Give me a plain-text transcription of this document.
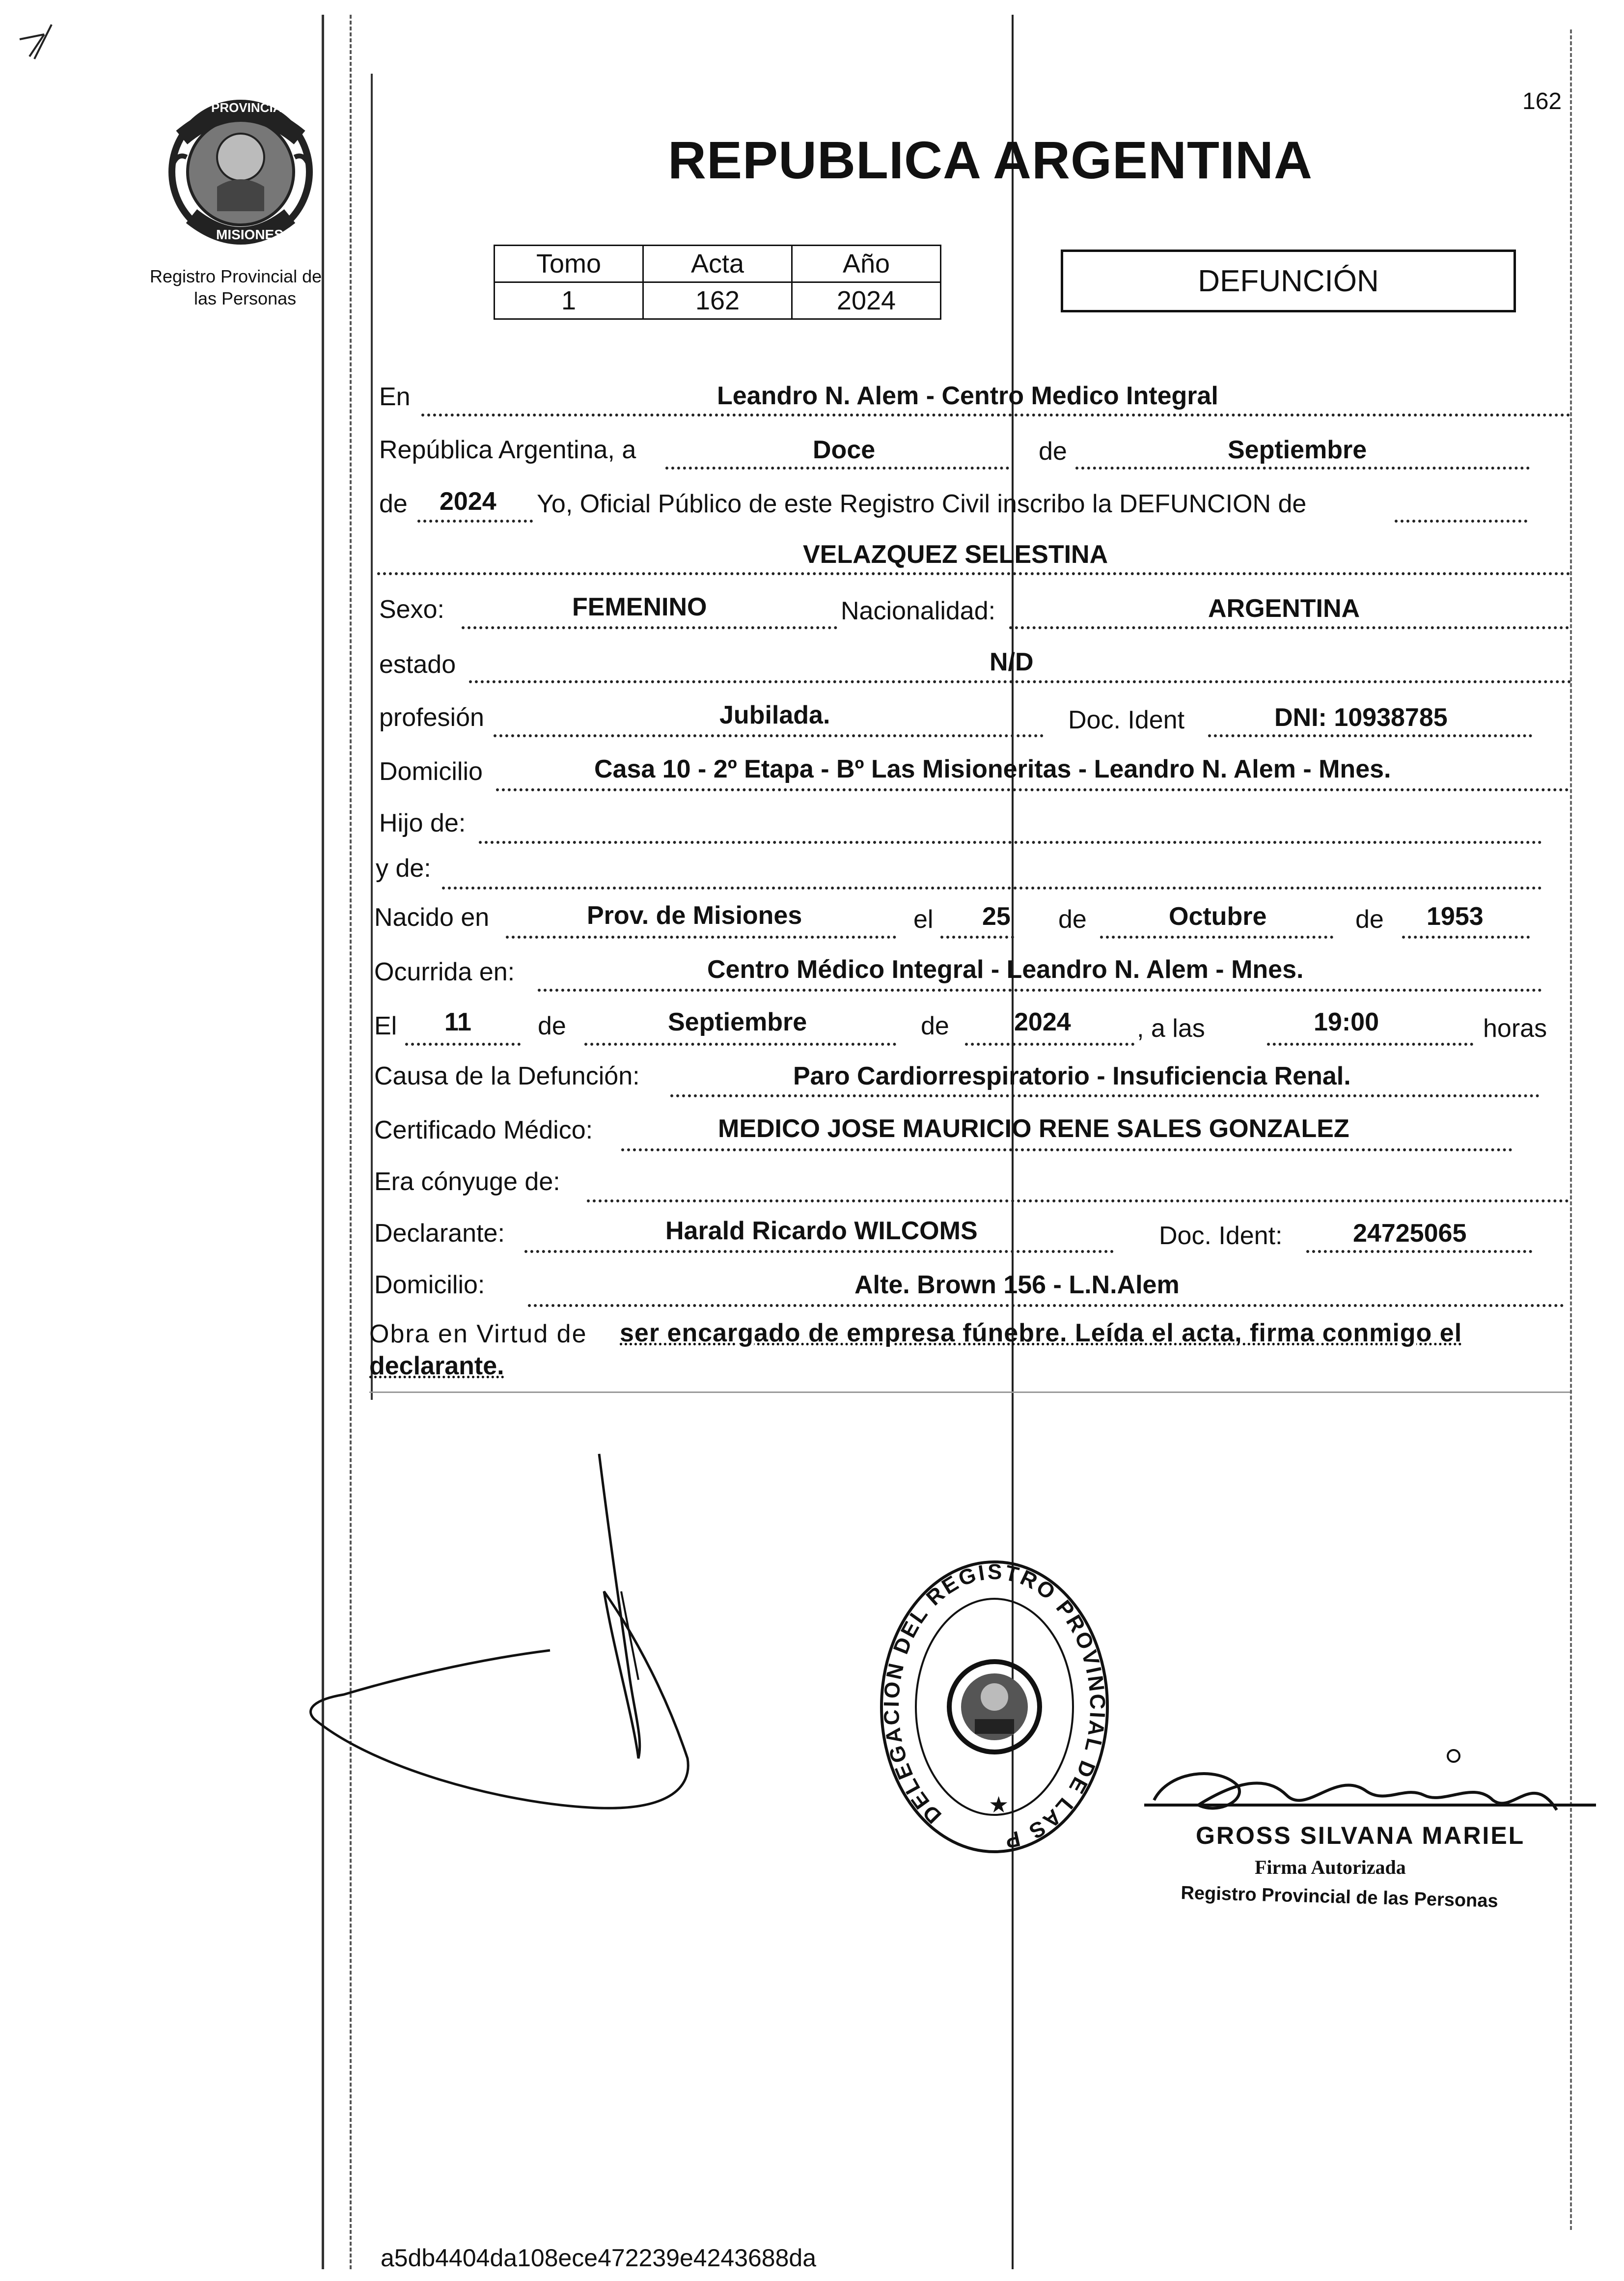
PROVINCIA DE
MISIONES
Registro Provincial de
las Personas
162
REPUBLICA ARGENTINA
Tomo	Acta	Año
1	162	2024
DEFUNCIÓN
En	Leandro N. Alem - Centro Medico Integral
República Argentina, a	Doce	de	Septiembre
de 2024 Yo, Oficial Público de este Registro Civil inscribo la DEFUNCION de
VELAZQUEZ SELESTINA
Sexo:	FEMENINO	Nacionalidad:	ARGENTINA
estado	N/D
profesión	Jubilada.	Doc. Ident	DNI: 10938785
Domicilio	Casa 10 - 2º Etapa - Bº Las Misioneritas - Leandro N. Alem - Mnes.
Hijo de:
y de:
Nacido en	Prov. de Misiones	el 25 de	Octubre	de 1953
Ocurrida en:	Centro Médico Integral - Leandro N. Alem - Mnes.
El 11	de	Septiembre	de	2024	, a las	19:00	horas
Causa de la Defunción:	Paro Cardiorrespiratorio - Insuficiencia Renal.
Certificado Médico:	MEDICO JOSE MAURICIO RENE SALES GONZALEZ
Era cónyuge de:
Declarante:	Harald Ricardo WILCOMS	Doc. Ident:	24725065
Domicilio:	Alte. Brown 156 - L.N.Alem
Obra en Virtud de ser encargado de empresa fúnebre. Leída el acta, firma conmigo el
declarante.
DELEGACION DEL REGISTRO PROVINCIAL DE LAS P
★
GROSS SILVANA MARIEL
Firma Autorizada
Registro Provincial de las Personas
a5db4404da108ece472239e4243688da
